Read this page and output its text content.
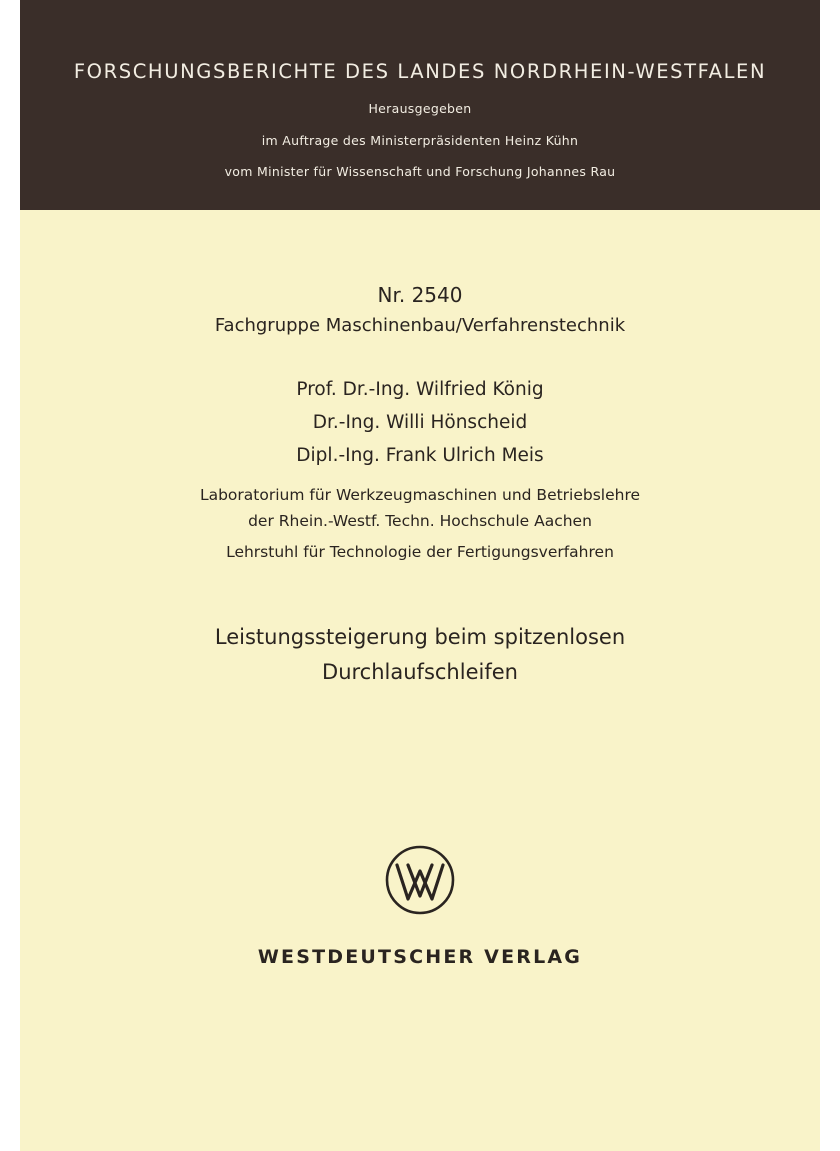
FORSCHUNGSBERICHTE DES LANDES NORDRHEIN-WESTFALEN
Herausgegeben
im Auftrage des Ministerpräsidenten Heinz Kühn
vom Minister für Wissenschaft und Forschung Johannes Rau
Nr. 2540
Fachgruppe Maschinenbau/Verfahrenstechnik
Prof. Dr.-Ing. Wilfried König
Dr.-Ing. Willi Hönscheid
Dipl.-Ing. Frank Ulrich Meis
Laboratorium für Werkzeugmaschinen und Betriebslehre
der Rhein.-Westf. Techn. Hochschule Aachen
Lehrstuhl für Technologie der Fertigungsverfahren
Leistungssteigerung beim spitzenlosen
Durchlaufschleifen
WESTDEUTSCHER VERLAG
